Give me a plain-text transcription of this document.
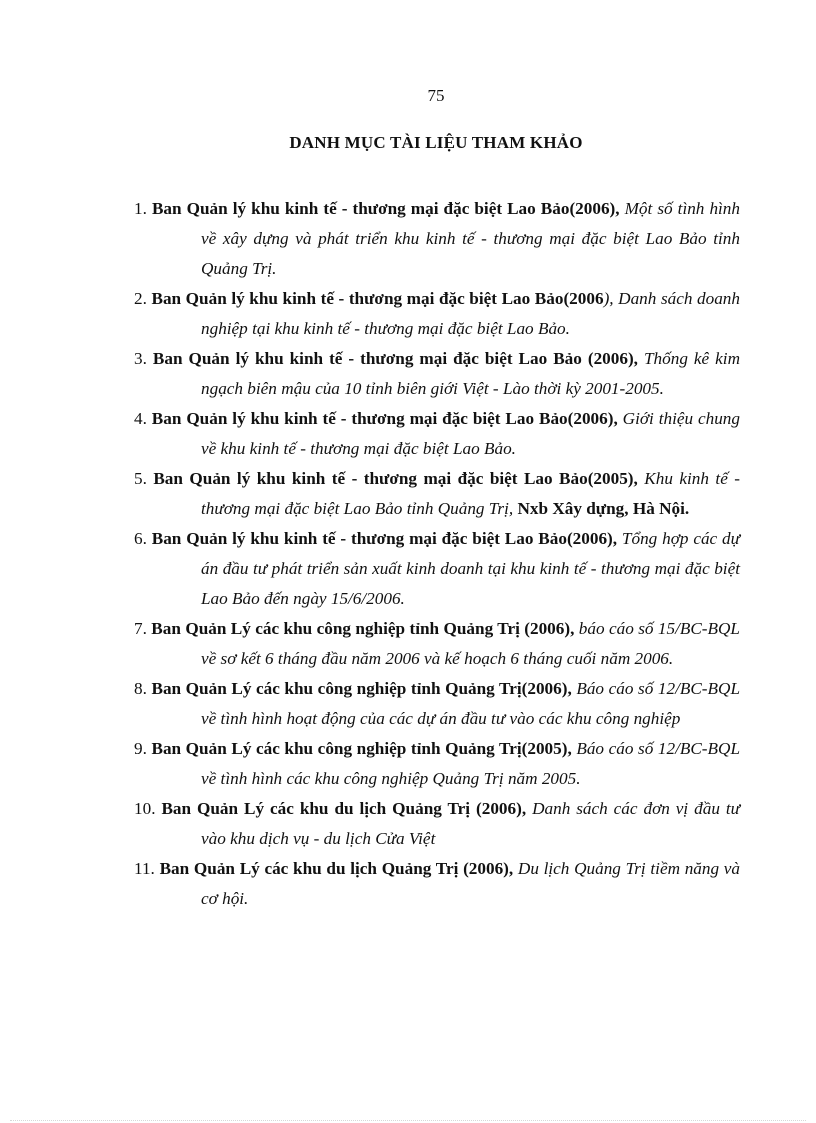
75
DANH MỤC TÀI LIỆU THAM KHẢO
1. Ban Quản lý khu kinh tế - thương mại đặc biệt Lao Bảo(2006), Một số tình hình về xây dựng và phát triển khu kinh tế - thương mại đặc biệt Lao Bảo tỉnh Quảng Trị.
2. Ban Quản lý khu kinh tế - thương mại đặc biệt Lao Bảo(2006), Danh sách doanh nghiệp tại khu kinh tế - thương mại đặc biệt Lao Bảo.
3. Ban Quản lý khu kinh tế - thương mại đặc biệt Lao Bảo (2006), Thống kê kim ngạch biên mậu của 10 tỉnh biên giới Việt - Lào thời kỳ 2001-2005.
4. Ban Quản lý khu kinh tế - thương mại đặc biệt Lao Bảo(2006), Giới thiệu chung về khu kinh tế - thương mại đặc biệt Lao Bảo.
5. Ban Quản lý khu kinh tế - thương mại đặc biệt Lao Bảo(2005), Khu kinh tế - thương mại đặc biệt Lao Bảo tỉnh Quảng Trị, Nxb Xây dựng, Hà Nội.
6. Ban Quản lý khu kinh tế - thương mại đặc biệt Lao Bảo(2006), Tổng hợp các dự án đầu tư phát triển sản xuất kinh doanh tại khu kinh tế - thương mại đặc biệt Lao Bảo đến ngày 15/6/2006.
7. Ban Quản Lý các khu công nghiệp tỉnh Quảng Trị (2006), báo cáo số 15/BC-BQL về sơ kết 6 tháng đầu năm 2006 và kế hoạch 6 tháng cuối năm 2006.
8. Ban Quản Lý các khu công nghiệp tỉnh Quảng Trị(2006), Báo cáo số 12/BC-BQL về tình hình hoạt động của các dự án đầu tư vào các khu công nghiệp
9. Ban Quản Lý các khu công nghiệp tỉnh Quảng Trị(2005), Báo cáo số 12/BC-BQL về tình hình các khu công nghiệp Quảng Trị năm 2005.
10. Ban Quản Lý các khu du lịch Quảng Trị (2006), Danh sách các đơn vị đầu tư vào khu dịch vụ - du lịch Cửa Việt
11. Ban Quản Lý các khu du lịch Quảng Trị (2006), Du lịch Quảng Trị tiềm năng và cơ hội.
